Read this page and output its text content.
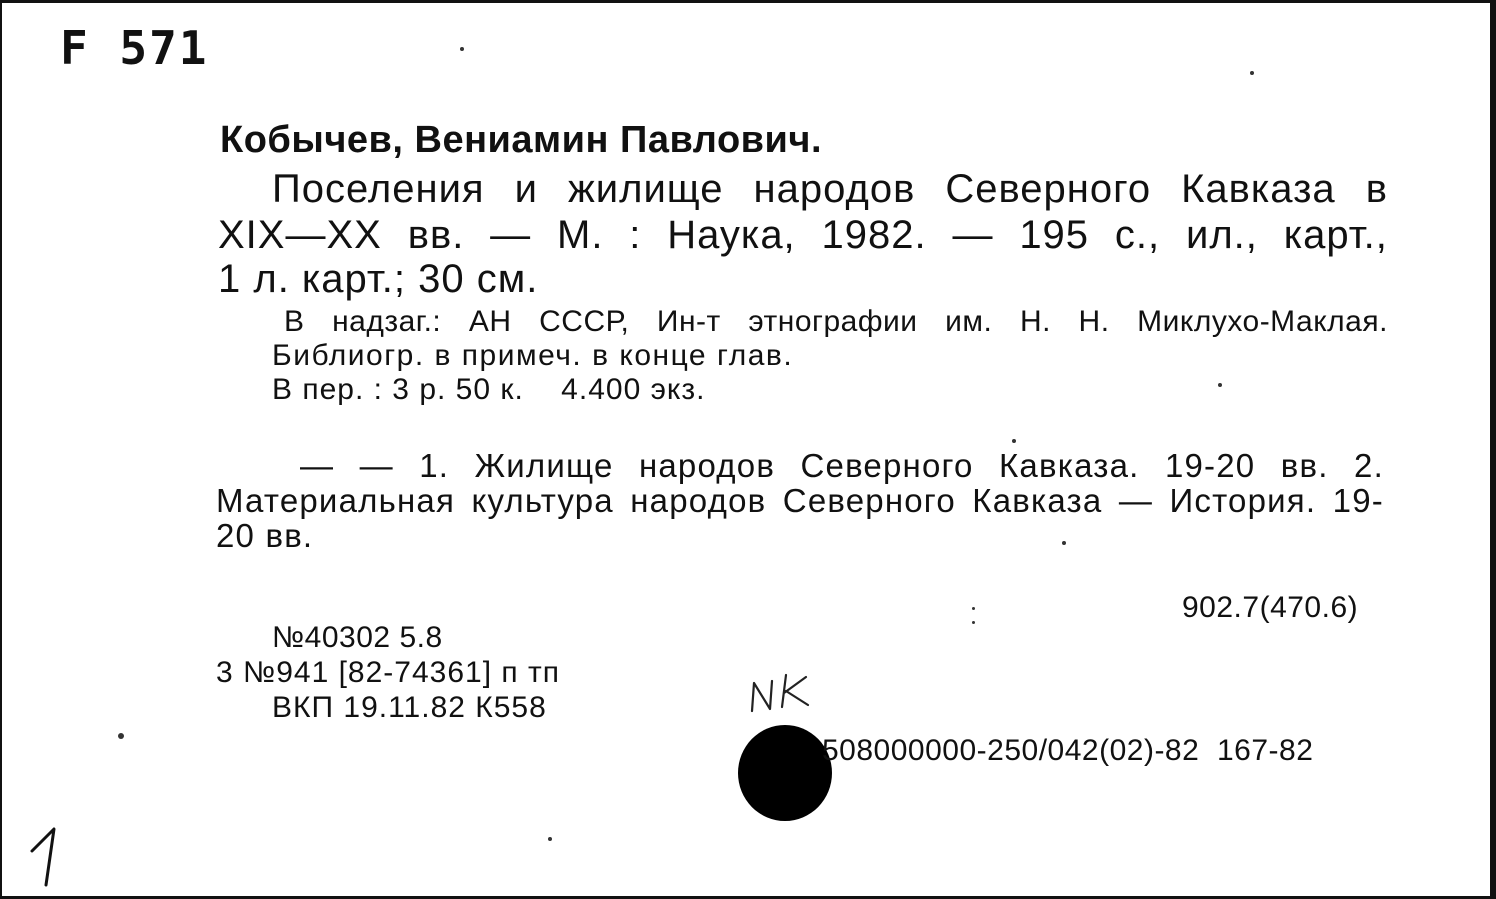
F 571
Кобычев, Вениамин Павлович.
Поселения и жилище народов Северного Кавказа в
XIX—XX вв. — М. : Наука, 1982. — 195 с., ил., карт.,
1 л. карт.; 30 см.
В надзаг.: АН СССР, Ин-т этнографии им. Н. Н. Миклухо-Маклая.
Библиогр. в примеч. в конце глав.
В пер. : 3 р. 50 к.    4.400 экз.
— — 1. Жилище народов Северного Кавказа. 19-20 вв. 2.
Материальная культура народов Северного Кавказа — История. 19-
20 вв.
902.7(470.6)
№40302 5.8
3 №941 [82-74361] п тп
ВКП 19.11.82 К558
508000000-250/042(02)-82  167-82
